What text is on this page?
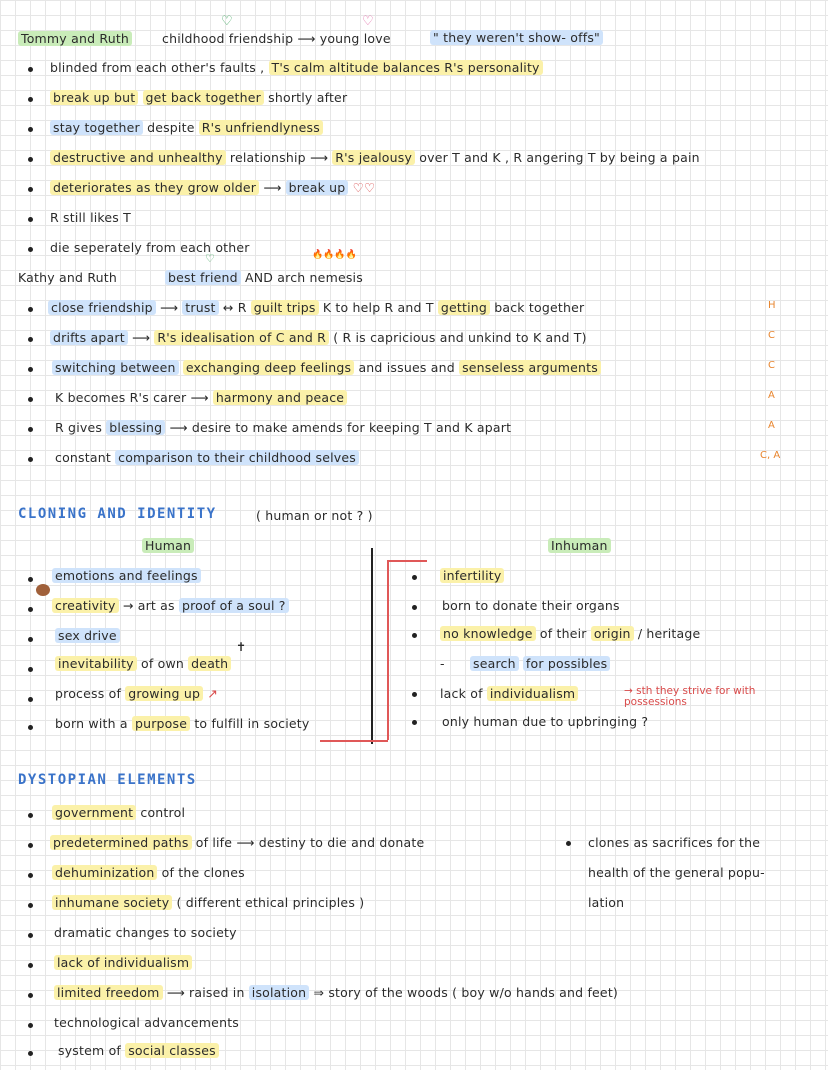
Tommy and Ruth	childhood friendship ⟶ young love
♡	♡
" they weren't show- offs"
blinded from each other's faults , T's calm altitude balances R's personality
break up but get back together shortly after
stay together despite R's unfriendlyness
destructive and unhealthy relationship ⟶ R's jealousy over T and K , R angering T by being a pain
deteriorates as they grow older ⟶ break up ♡♡
R still likes T
die seperately from each other
Kathy and Ruth
♡	🔥🔥🔥🔥
best friend AND arch nemesis
close friendship ⟶ trust ↔ R guilt trips K to help R and T getting back together	H
drifts apart ⟶ R's idealisation of C and R ( R is capricious and unkind to K and T)	C
switching between exchanging deep feelings and issues and senseless arguments	C
K becomes R's carer ⟶ harmony and peace	A
R gives blessing ⟶ desire to make amends for keeping T and K apart	A
constant comparison to their childhood selves	C, A
CLONING AND IDENTITY	( human or not ? )
Human	Inhuman
emotions and feelings
creativity → art as proof of a soul ?
sex drive
✝
inevitability of own death
process of growing up ↗
born with a purpose to fulfill in society
infertility
born to donate their organs
no knowledge of their origin / heritage
- search for possibles
lack of individualism	→ sth they strive for with possessions
only human due to upbringing ?
DYSTOPIAN ELEMENTS
government control
predetermined paths of life ⟶ destiny to die and donate
dehuminization of the clones
inhumane society ( different ethical principles )
dramatic changes to society
lack of individualism
limited freedom ⟶ raised in isolation ⇒ story of the woods ( boy w/o hands and feet)
technological advancements
system of social classes
clones as sacrifices for the
health of the general popu-
lation
